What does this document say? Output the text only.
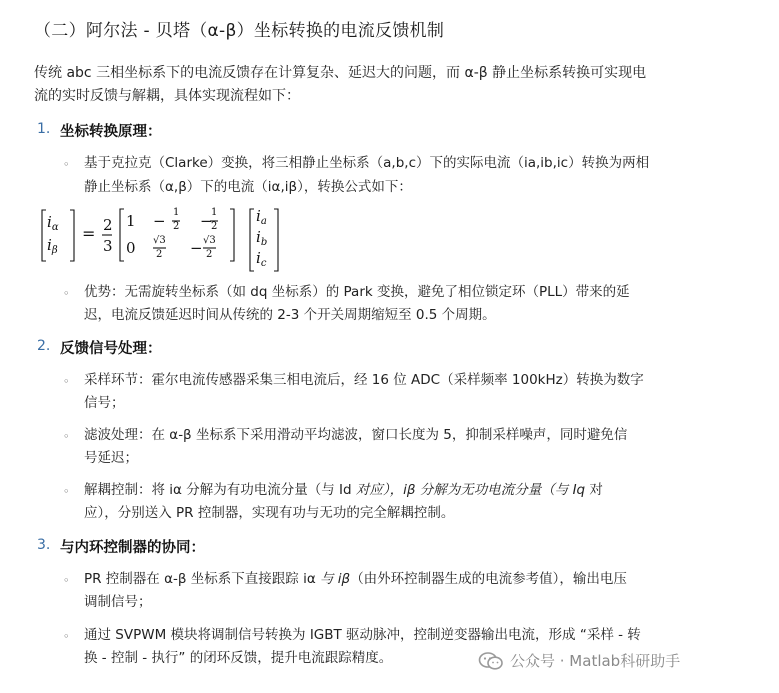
（二）阿尔法 - 贝塔（α-β）坐标转换的电流反馈机制
传统 abc 三相坐标系下的电流反馈存在计算复杂、延迟大的问题，而 α-β 静止坐标系转换可实现电
流的实时反馈与解耦，具体实现流程如下：
1. 坐标转换原理：
◦ 基于克拉克（Clarke）变换，将三相静止坐标系（a,b,c）下的实际电流（ia,ib,ic）转换为两相
静止坐标系（α,β）下的电流（iα,iβ），转换公式如下：
$i_\alpha$
$i_\beta$
= 2
3
1 − 1
2 −
1
2
0 √3
2 − √3
2
$i_a$
$i_b$
$i_c$
◦ 优势：无需旋转坐标系（如 dq 坐标系）的 Park 变换，避免了相位锁定环（PLL）带来的延
迟，电流反馈延迟时间从传统的 2-3 个开关周期缩短至 0.5 个周期。
2. 反馈信号处理：
◦ 采样环节：霍尔电流传感器采集三相电流后，经 16 位 ADC（采样频率 100kHz）转换为数字
信号；
◦ 滤波处理：在 α-β 坐标系下采用滑动平均滤波，窗口长度为 5，抑制采样噪声，同时避免信
号延迟；
◦ 解耦控制：将 iα 分解为有功电流分量（与 Id 对应），iβ 分解为无功电流分量（与 Iq 对
应），分别送入 PR 控制器，实现有功与无功的完全解耦控制。
3. 与内环控制器的协同：
◦ PR 控制器在 α-β 坐标系下直接跟踪 iα 与 iβ（由外环控制器生成的电流参考值），输出电压
调制信号；
◦ 通过 SVPWM 模块将调制信号转换为 IGBT 驱动脉冲，控制逆变器输出电流，形成 “采样 - 转
换 - 控制 - 执行” 的闭环反馈，提升电流跟踪精度。	公众号 · Matlab科研助手
